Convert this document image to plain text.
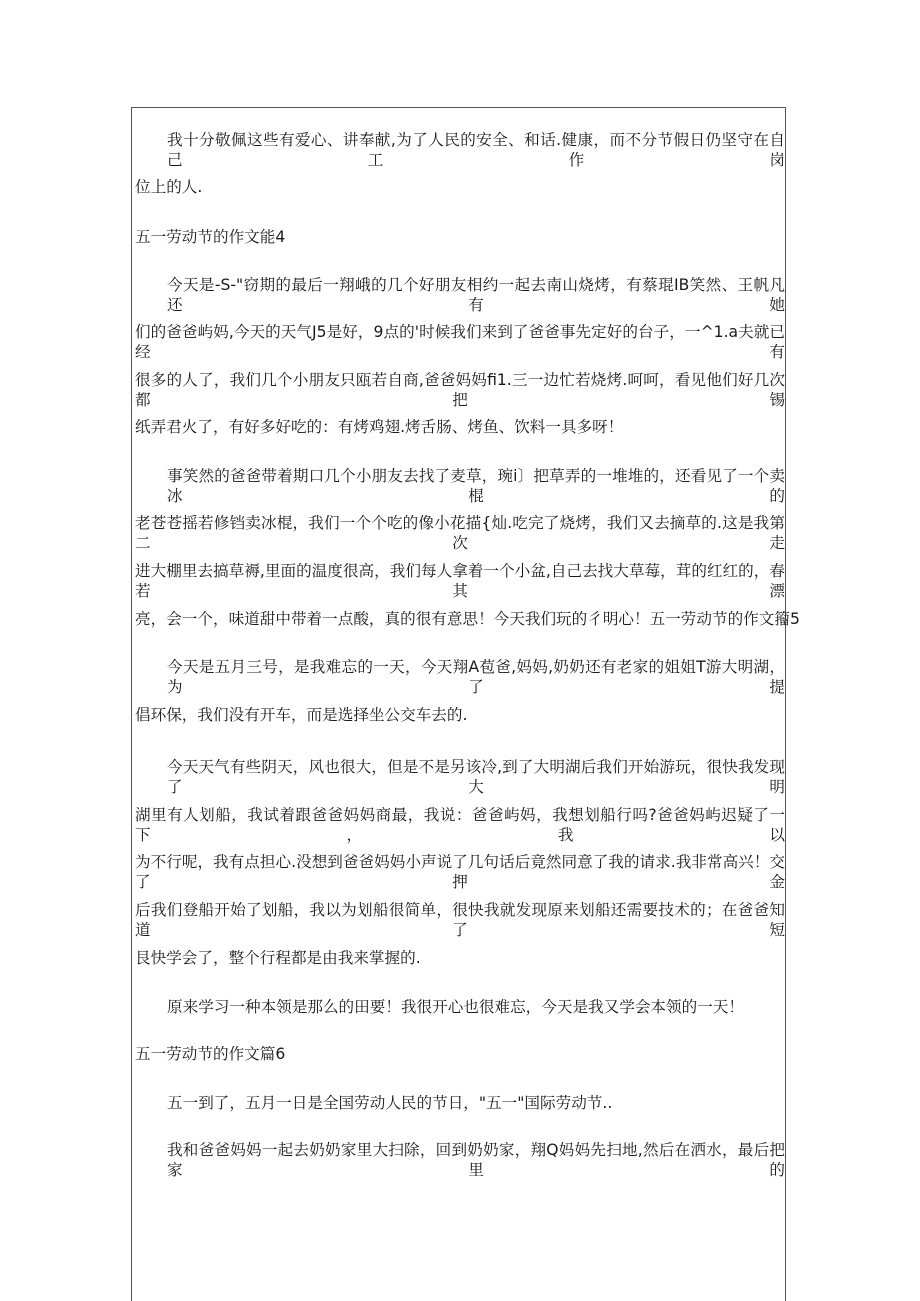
我十分敬佩这些有爱心、讲奉献,为了人民的安全、和话.健康，而不分节假日仍坚守在自己工作岗
位上的人.
五一劳动节的作文能4
今天是-S-"窃期的最后一翔峨的几个好朋友相约一起去南山烧烤，有蔡琨IB笑然、王帆凡还有她
们的爸爸屿妈,今天的天气J5是好，9点的'时候我们来到了爸爸事先定好的台子，一^1.a夫就已经有
很多的人了，我们几个小朋友只瓯若自商,爸爸妈妈fi1.三一边忙若烧烤.呵呵，看见他们好几次都把锡
纸弄君火了，有好多好吃的：有烤鸡翅.烤舌肠、烤鱼、饮料一具多呀！
事笑然的爸爸带着期口几个小朋友去找了麦草，琬i〕把草弄的一堆堆的，还看见了一个卖冰棍的
老苍苍摇若修铛卖冰棍，我们一个个吃的像小花描{灿.吃完了烧烤，我们又去摘草的.这是我第二次走
进大棚里去搞草褥,里面的温度很高，我们每人拿着一个小盆,自己去找大草莓，茸的红红的，春若其漂
亮，会一个，味道甜中带着一点酸，真的很有意思！今天我们玩的彳明心！五一劳动节的作文籀5
今天是五月三号，是我难忘的一天，今天翔A苞爸,妈妈,奶奶还有老家的姐姐T游大明湖，为了提
倡环保，我们没有开车，而是选择坐公交车去的.
今天天气有些阴天，风也很大，但是不是另该冷,到了大明湖后我们开始游玩，很快我发现了大明
湖里有人划船，我试着跟爸爸妈妈商最，我说：爸爸屿妈，我想划船行吗?爸爸妈屿迟疑了一下，我以
为不行呢，我有点担心.没想到爸爸妈妈小声说了几句话后竟然同意了我的请求.我非常高兴！交了押金
后我们登船开始了划船，我以为划船很简单，很快我就发现原来划船还需要技术的；在爸爸知道了短
艮快学会了，整个行程都是由我来掌握的.
原来学习一种本领是那么的田要！我很开心也很难忘，今天是我又学会本领的一天！
五一劳动节的作文篇6
五一到了，五月一日是全国劳动人民的节日，"五一"国际劳动节..
我和爸爸妈妈一起去奶奶家里大扫除，回到奶奶家，翔Q妈妈先扫地,然后在洒水，最后把家里的
